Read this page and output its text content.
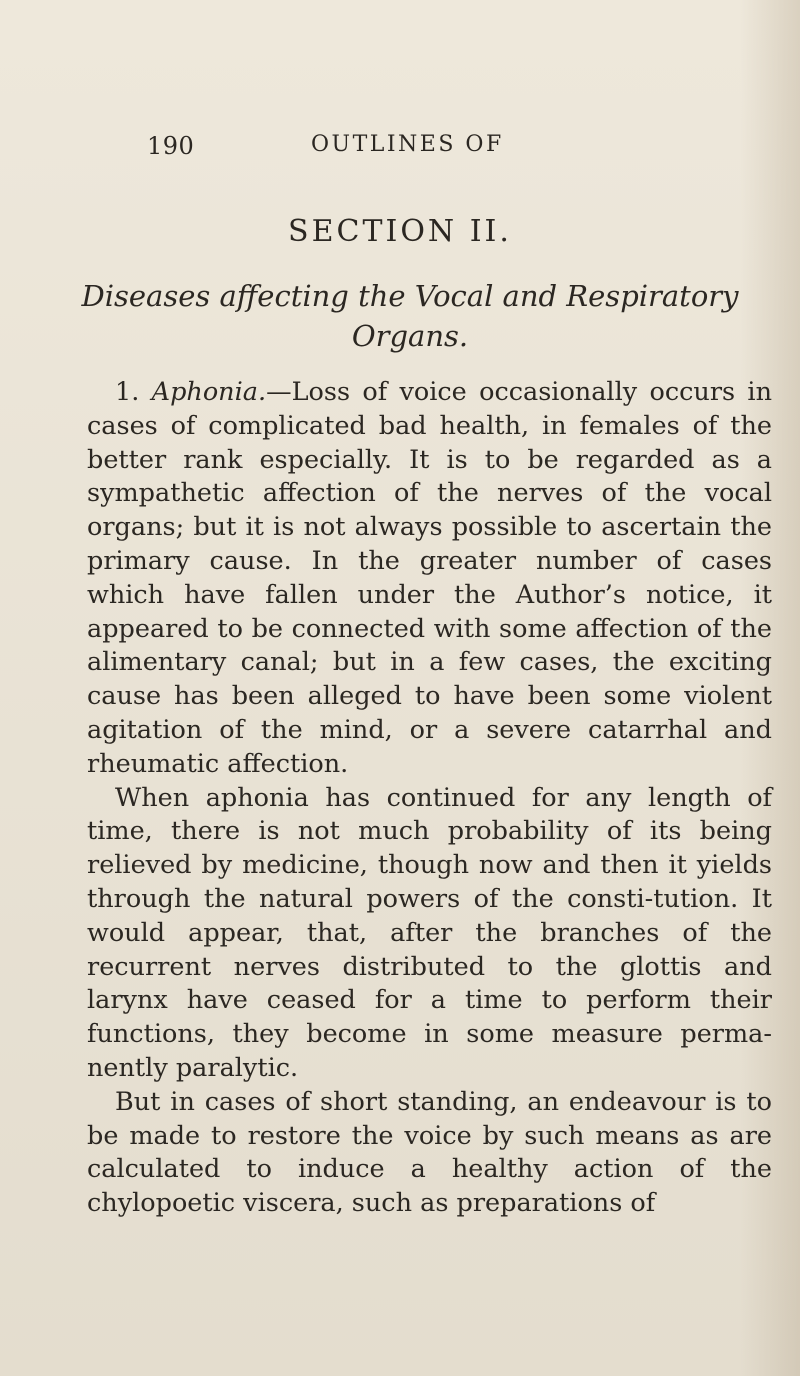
190	OUTLINES OF
SECTION II.
Diseases affecting the Vocal and Respiratory Organs.

1. Aphonia.—Loss of voice occasionally occurs in cases of complicated bad health, in females of the better rank especially. It is to be regarded as a sympathetic affection of the nerves of the vocal organs; but it is not always possible to ascertain the primary cause. In the greater number of cases which have fallen under the Author’s notice, it appeared to be connected with some affection of the alimentary canal; but in a few cases, the exciting cause has been alleged to have been some violent agitation of the mind, or a severe catarrhal and rheumatic affection.

When aphonia has continued for any length of time, there is not much probability of its being relieved by medicine, though now and then it yields through the natural powers of the consti-tution. It would appear, that, after the branches of the recurrent nerves distributed to the glottis and larynx have ceased for a time to perform their functions, they become in some measure perma-nently paralytic.

But in cases of short standing, an endeavour is to be made to restore the voice by such means as are calculated to induce a healthy action of the chylopoetic viscera, such as preparations of
